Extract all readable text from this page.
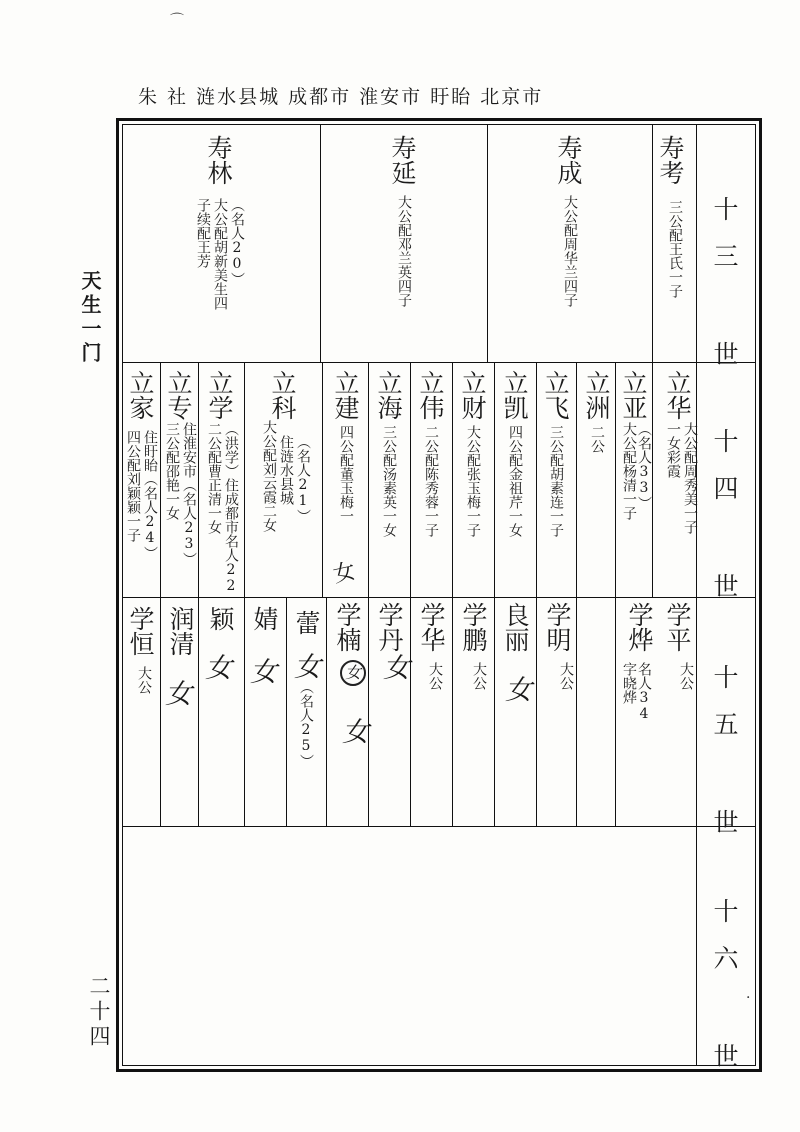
朱 社 涟水县城 成都市 淮安市 盱眙 北京市
天生一门
二十四
⌒
十三 世
十四 世
十五 世
十六 世 ·
寿考
三公配王氏一子
寿成
大公配周华兰四子
寿延
大公配邓兰英四子
寿林
（名人20）
大公配胡新美生四
子续配王芳
立华
大公配周秀美一子
一女彩霞
立亚
（名人33）
大公配杨清一子
立洲
二公
立飞
三公配胡素连一子
立凯
四公配金祖芹一女
立财
大公配张玉梅一子
立伟
二公配陈秀蓉一子
立海
三公配汤素英一女
立建
四公配董玉梅一
女
立科
（名人21）
住涟水县城
大公配刘云霞二女
立学
（洪学）住成都市名人22
二公配曹正清一女
立专
住淮安市（名人23）
三公配邵艳一女
立家
住盱眙（名人24）
四公配刘颖颖一子
学平
大公
学烨
名人34
字晓烨
学明
大公
良丽
女
学鹏
大公
学华
大公
学丹
女
学楠
女
女
蕾
女
（名人25）
婧
女
颖
女
润清
女
学恒
大公
